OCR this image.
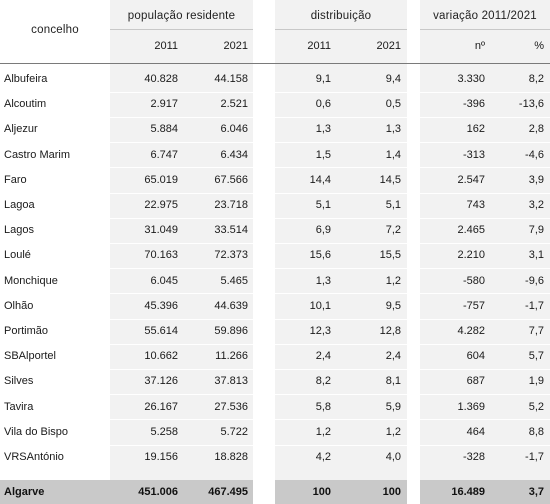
concelho
população residente	distribuição	variação 2011/2021
2011	2021	2011	2021	nº	%
Albufeira	40.828	44.158	9,1	9,4	3.330	8,2
Alcoutim	2.917	2.521	0,6	0,5	-396	-13,6
Aljezur	5.884	6.046	1,3	1,3	162	2,8
Castro Marim	6.747	6.434	1,5	1,4	-313	-4,6
Faro	65.019	67.566	14,4	14,5	2.547	3,9
Lagoa	22.975	23.718	5,1	5,1	743	3,2
Lagos	31.049	33.514	6,9	7,2	2.465	7,9
Loulé	70.163	72.373	15,6	15,5	2.210	3,1
Monchique	6.045	5.465	1,3	1,2	-580	-9,6
Olhão	45.396	44.639	10,1	9,5	-757	-1,7
Portimão	55.614	59.896	12,3	12,8	4.282	7,7
SBAlportel	10.662	11.266	2,4	2,4	604	5,7
Silves	37.126	37.813	8,2	8,1	687	1,9
Tavira	26.167	27.536	5,8	5,9	1.369	5,2
Vila do Bispo	5.258	5.722	1,2	1,2	464	8,8
VRSAntónio	19.156	18.828	4,2	4,0	-328	-1,7
Algarve	451.006	467.495	100	100	16.489	3,7
